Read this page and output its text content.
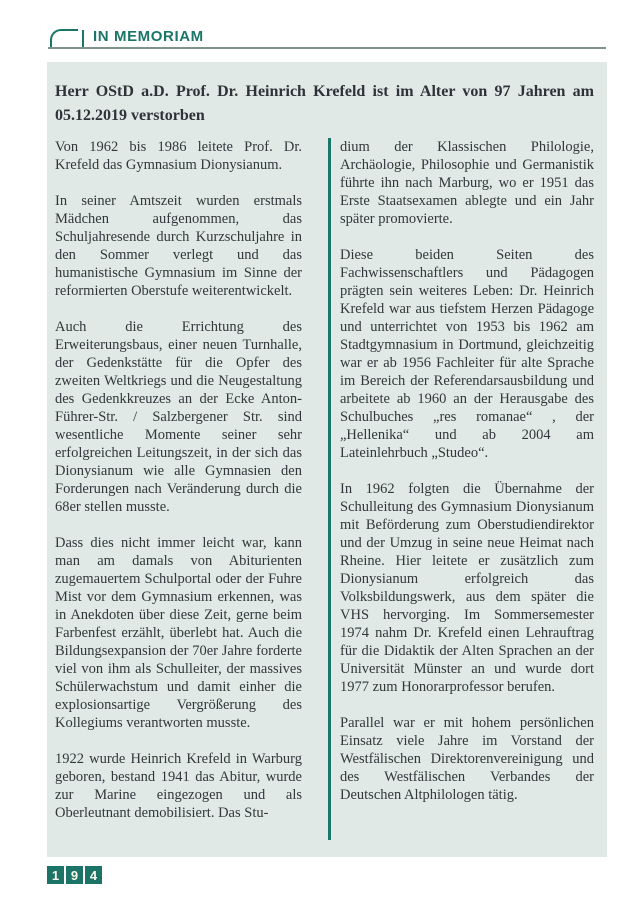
IN MEMORIAM
Herr OStD a.D. Prof. Dr. Heinrich Krefeld ist im Alter von 97 Jahren am 05.12.2019 verstorben

Von 1962 bis 1986 leitete Prof. Dr. Krefeld das Gymnasium Dionysianum.

In seiner Amtszeit wurden erstmals Mädchen aufgenommen, das Schuljahresende durch Kurzschuljahre in den Sommer verlegt und das humanistische Gymnasium im Sinne der reformierten Oberstufe weiterentwickelt.

Auch die Errichtung des Erweiterungsbaus, einer neuen Turnhalle, der Gedenkstätte für die Opfer des zweiten Weltkriegs und die Neugestaltung des Gedenkkreuzes an der Ecke Anton-Führer-Str. / Salzbergener Str. sind wesentliche Momente seiner sehr erfolgreichen Leitungszeit, in der sich das Dionysianum wie alle Gymnasien den Forderungen nach Veränderung durch die 68er stellen musste.

Dass dies nicht immer leicht war, kann man am damals von Abiturienten zugemauertem Schulportal oder der Fuhre Mist vor dem Gymnasium erkennen, was in Anekdoten über diese Zeit, gerne beim Farbenfest erzählt, überlebt hat. Auch die Bildungsexpansion der 70er Jahre forderte viel von ihm als Schulleiter, der massives Schülerwachstum und damit einher die explosionsartige Vergrößerung des Kollegiums verantworten musste.

1922 wurde Heinrich Krefeld in Warburg geboren, bestand 1941 das Abitur, wurde zur Marine eingezogen und als Oberleutnant demobilisiert. Das Stu-

dium der Klassischen Philologie, Archäologie, Philosophie und Germanistik führte ihn nach Marburg, wo er 1951 das Erste Staatsexamen ablegte und ein Jahr später promovierte.

Diese beiden Seiten des Fachwissenschaftlers und Pädagogen prägten sein weiteres Leben: Dr. Heinrich Krefeld war aus tiefstem Herzen Pädagoge und unterrichtet von 1953 bis 1962 am Stadtgymnasium in Dortmund, gleichzeitig war er ab 1956 Fachleiter für alte Sprache im Bereich der Referendarsausbildung und arbeitete ab 1960 an der Herausgabe des Schulbuches „res romanae“ , der „Hellenika“ und ab 2004 am Lateinlehrbuch „Studeo“.

In 1962 folgten die Übernahme der Schulleitung des Gymnasium Dionysianum mit Beförderung zum Oberstudiendirektor und der Umzug in seine neue Heimat nach Rheine. Hier leitete er zusätzlich zum Dionysianum erfolgreich das Volksbildungswerk, aus dem später die VHS hervorging. Im Sommersemester 1974 nahm Dr. Krefeld einen Lehrauftrag für die Didaktik der Alten Sprachen an der Universität Münster an und wurde dort 1977 zum Honorarprofessor berufen.

Parallel war er mit hohem persönlichen Einsatz viele Jahre im Vorstand der Westfälischen Direktorenvereinigung und des Westfälischen Verbandes der Deutschen Altphilologen tätig.

1 9 4
